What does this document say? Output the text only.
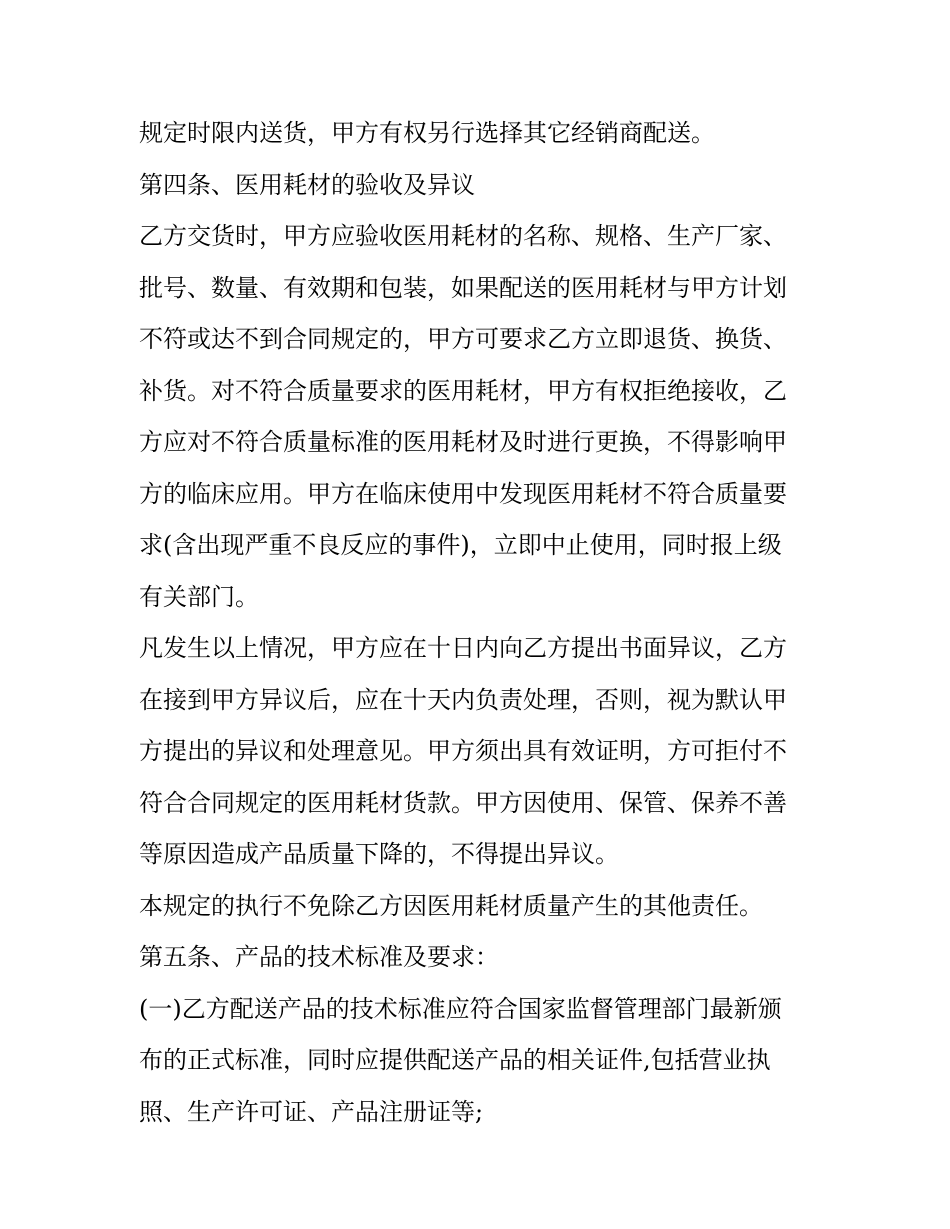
规定时限内送货，甲方有权另行选择其它经销商配送。
第四条、医用耗材的验收及异议
乙方交货时，甲方应验收医用耗材的名称、规格、生产厂家、
批号、数量、有效期和包装，如果配送的医用耗材与甲方计划
不符或达不到合同规定的，甲方可要求乙方立即退货、换货、
补货。对不符合质量要求的医用耗材，甲方有权拒绝接收，乙
方应对不符合质量标准的医用耗材及时进行更换，不得影响甲
方的临床应用。甲方在临床使用中发现医用耗材不符合质量要
求(含出现严重不良反应的事件)，立即中止使用，同时报上级
有关部门。
凡发生以上情况，甲方应在十日内向乙方提出书面异议，乙方
在接到甲方异议后，应在十天内负责处理，否则，视为默认甲
方提出的异议和处理意见。甲方须出具有效证明，方可拒付不
符合合同规定的医用耗材货款。甲方因使用、保管、保养不善
等原因造成产品质量下降的，不得提出异议。
本规定的执行不免除乙方因医用耗材质量产生的其他责任。
第五条、产品的技术标准及要求：
(一)乙方配送产品的技术标准应符合国家监督管理部门最新颁
布的正式标准，同时应提供配送产品的相关证件,包括营业执
照、生产许可证、产品注册证等;
